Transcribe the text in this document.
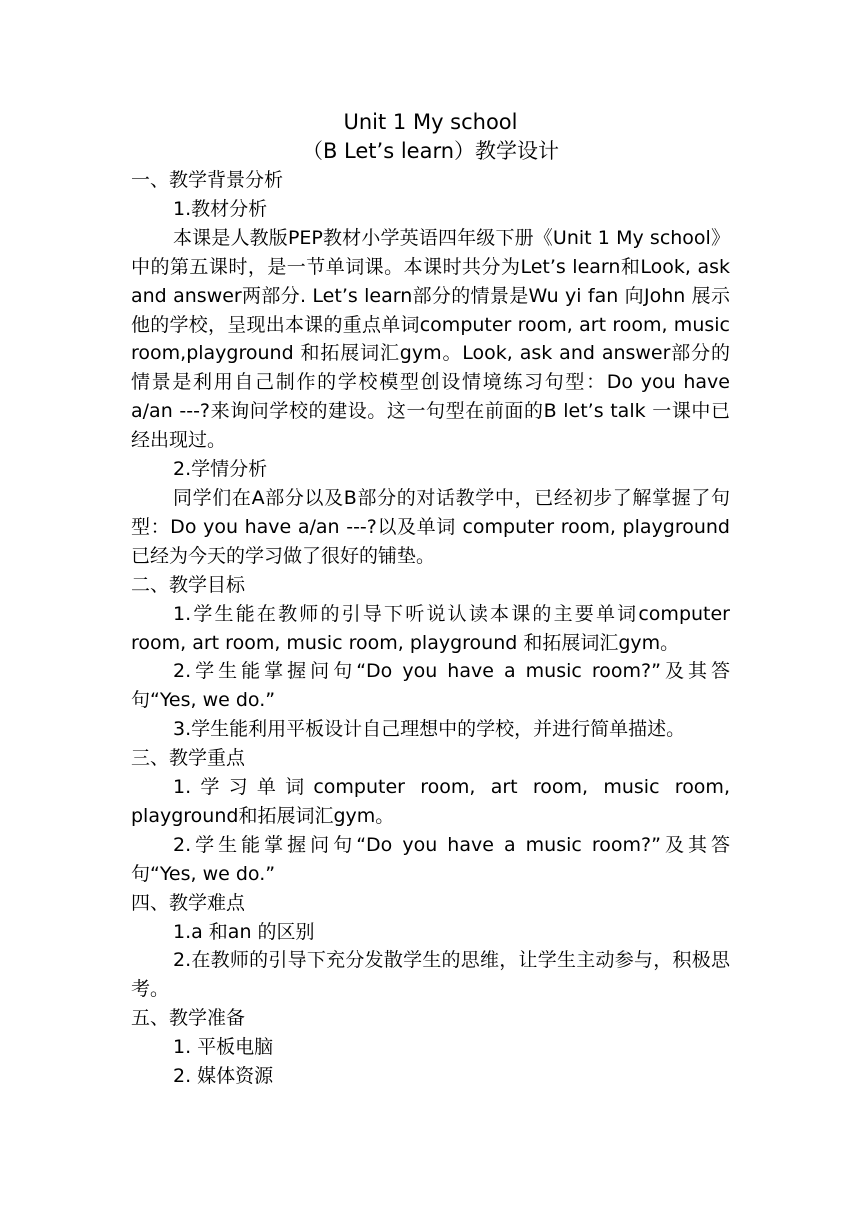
Unit 1 My school

（B Let’s learn）教学设计

一、教学背景分析

1.教材分析

本课是人教版PEP教材小学英语四年级下册《Unit 1 My school》中的第五课时，是一节单词课。本课时共分为Let’s learn和Look, ask and answer两部分. Let’s learn部分的情景是Wu yi fan 向John 展示他的学校，呈现出本课的重点单词computer room, art room, music room,playground 和拓展词汇gym。Look, ask and answer部分的情景是利用自己制作的学校模型创设情境练习句型：Do you have a/an ---?来询问学校的建设。这一句型在前面的B let’s talk 一课中已经出现过。

2.学情分析

同学们在A部分以及B部分的对话教学中，已经初步了解掌握了句型：Do you have a/an ---?以及单词 computer room, playground已经为今天的学习做了很好的铺垫。

二、教学目标

1.学生能在教师的引导下听说认读本课的主要单词computer room, art room, music room, playground 和拓展词汇gym。

2.学生能掌握问句“Do you have a music room?”及其答句“Yes, we do.”

3.学生能利用平板设计自己理想中的学校，并进行简单描述。

三、教学重点

1.学习单词computer room, art room, music room, playground和拓展词汇gym。

2.学生能掌握问句“Do you have a music room?”及其答句“Yes, we do.”

四、教学难点

1.a 和an 的区别

2.在教师的引导下充分发散学生的思维，让学生主动参与，积极思考。

五、教学准备

1. 平板电脑

2. 媒体资源
